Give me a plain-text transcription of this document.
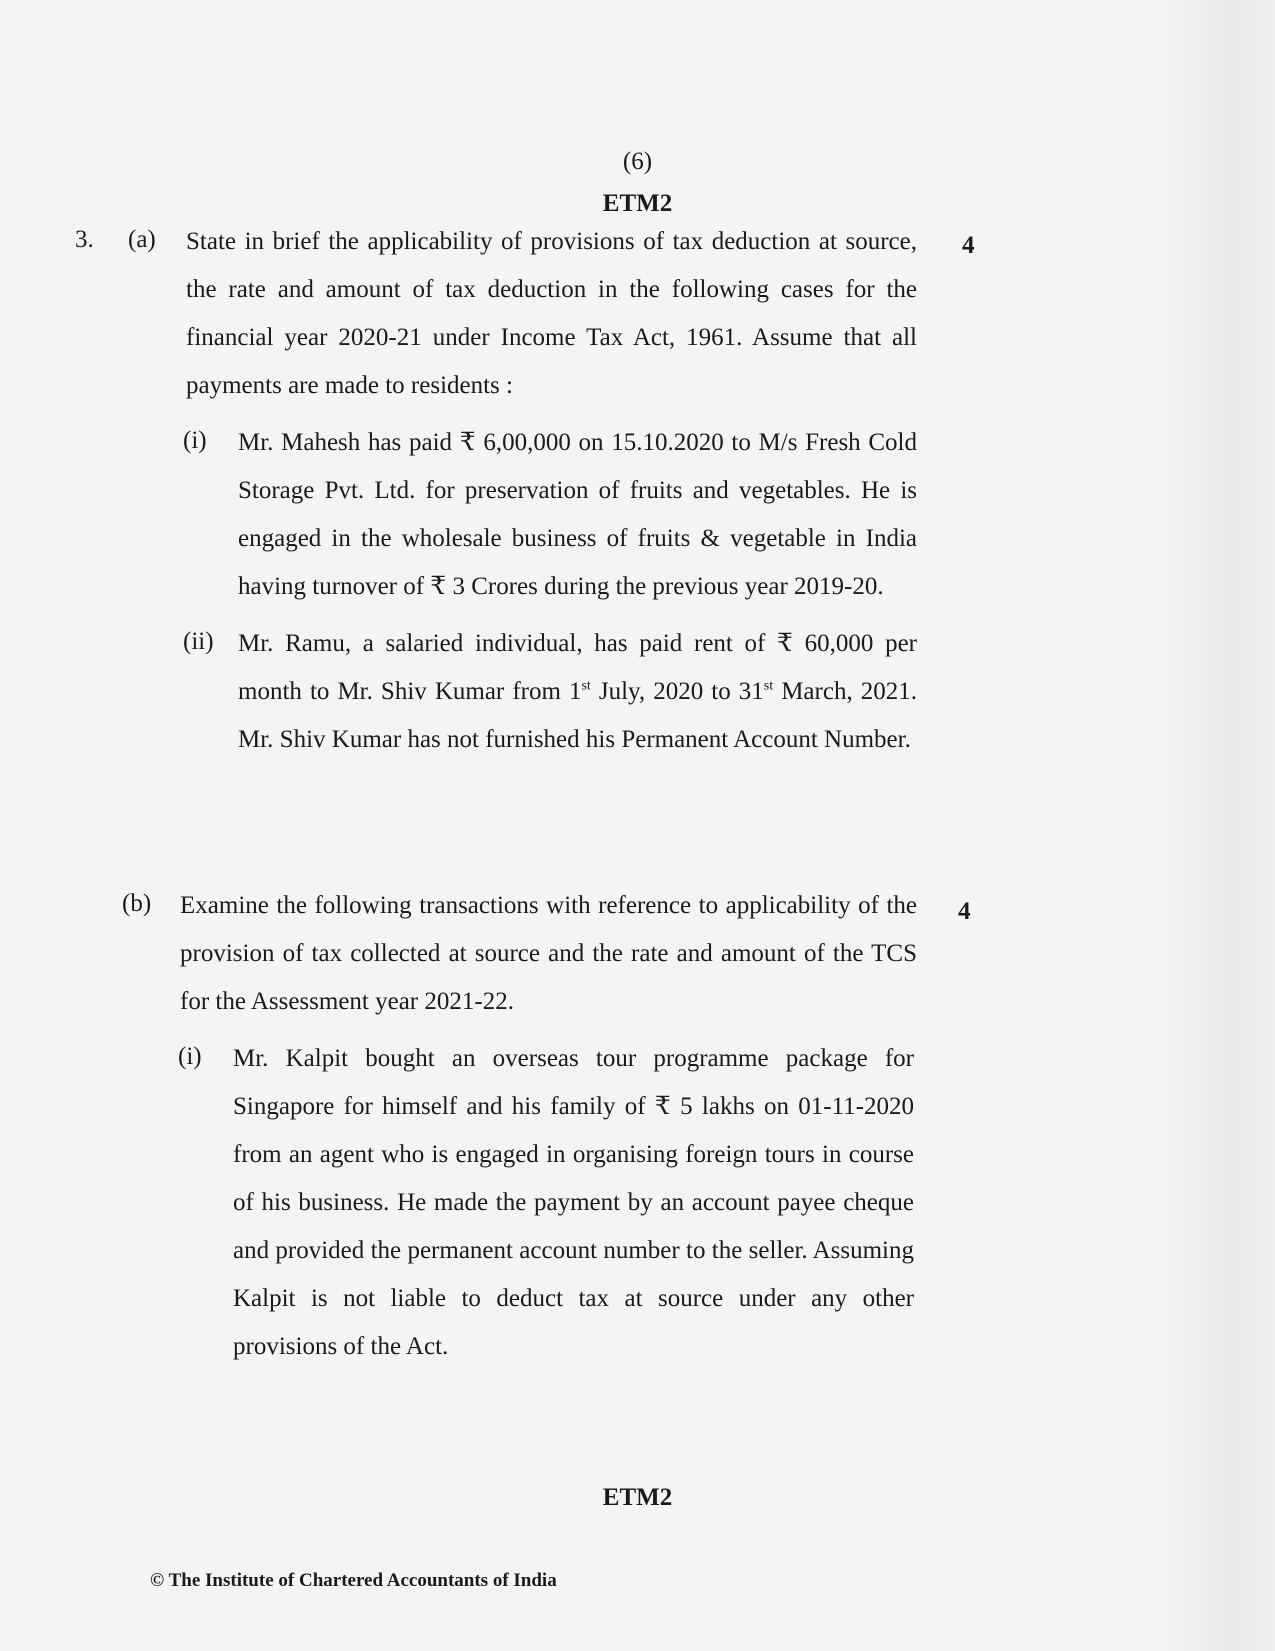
(6)
ETM2
3. (a)	4
State in brief the applicability of provisions of tax deduction at source, the rate and amount of tax deduction in the following cases for the financial year 2020-21 under Income Tax Act, 1961. Assume that all payments are made to residents :
(i) Mr. Mahesh has paid ₹ 6,00,000 on 15.10.2020 to M/s Fresh Cold Storage Pvt. Ltd. for preservation of fruits and vegetables. He is engaged in the wholesale business of fruits & vegetable in India having turnover of ₹ 3 Crores during the previous year 2019-20.
(ii) Mr. Ramu, a salaried individual, has paid rent of ₹ 60,000 per month to Mr. Shiv Kumar from 1st July, 2020 to 31st March, 2021. Mr. Shiv Kumar has not furnished his Permanent Account Number.
(b)	4
Examine the following transactions with reference to applicability of the provision of tax collected at source and the rate and amount of the TCS for the Assessment year 2021-22.
(i) Mr. Kalpit bought an overseas tour programme package for Singapore for himself and his family of ₹ 5 lakhs on 01-11-2020 from an agent who is engaged in organising foreign tours in course of his business. He made the payment by an account payee cheque and provided the permanent account number to the seller. Assuming Kalpit is not liable to deduct tax at source under any other provisions of the Act.
ETM2
© The Institute of Chartered Accountants of India
